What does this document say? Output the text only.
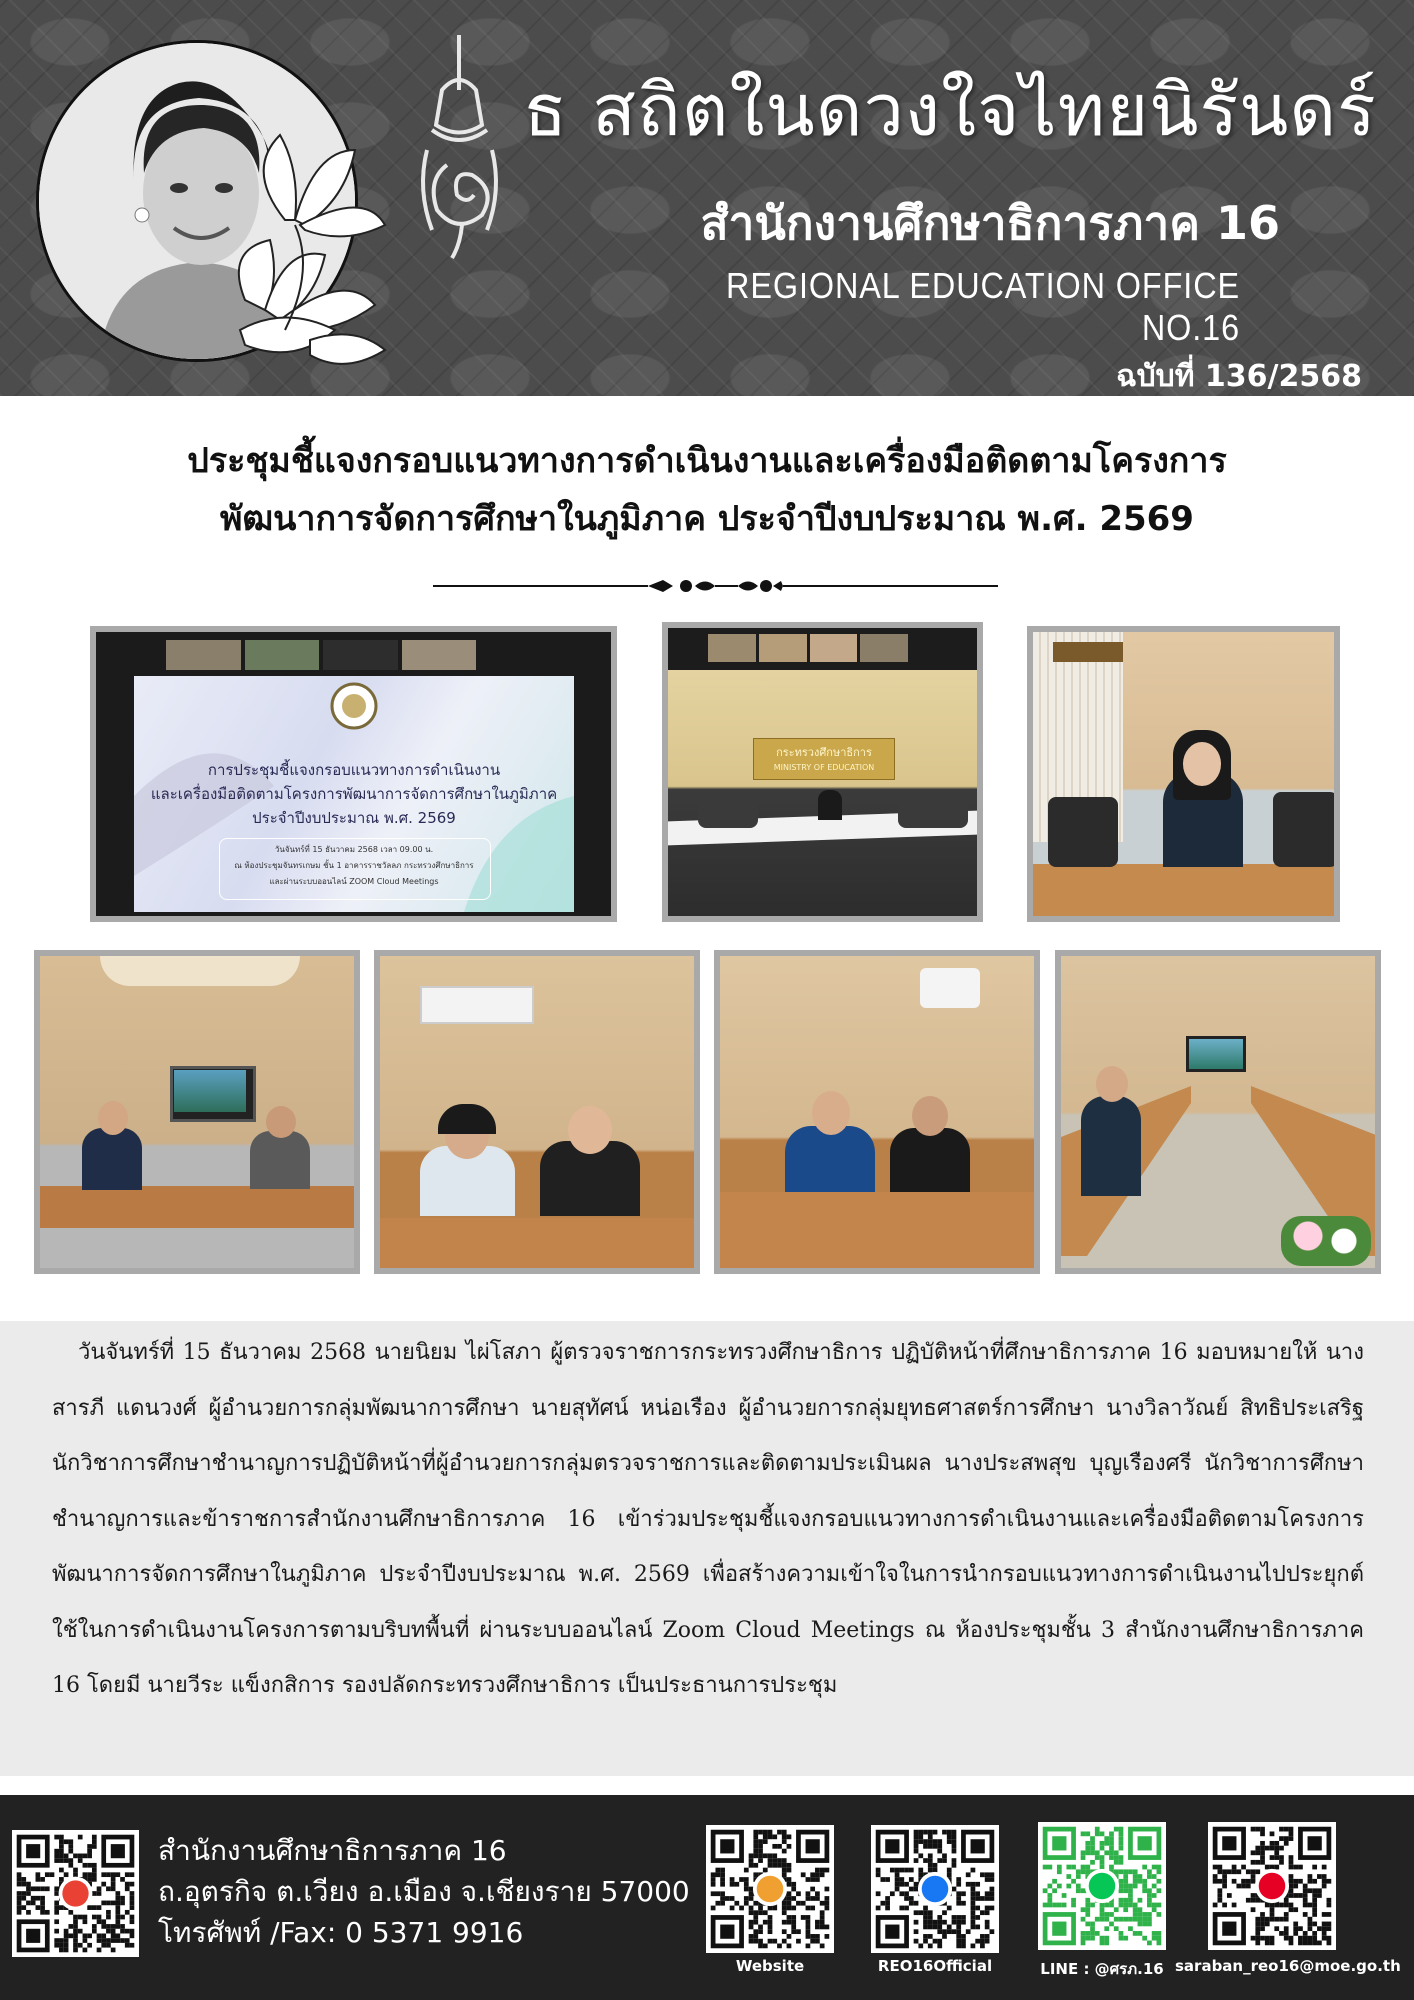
ธ สถิตในดวงใจไทยนิรันดร์
สำนักงานศึกษาธิการภาค 16
REGIONAL EDUCATION OFFICE NO.16
ฉบับที่ 136/2568
ประชุมชี้แจงกรอบแนวทางการดำเนินงานและเครื่องมือติดตามโครงการ
พัฒนาการจัดการศึกษาในภูมิภาค ประจำปีงบประมาณ พ.ศ. 2569
การประชุมชี้แจงกรอบแนวทางการดำเนินงาน
และเครื่องมือติดตามโครงการพัฒนาการจัดการศึกษาในภูมิภาค
ประจำปีงบประมาณ พ.ศ. 2569
วันจันทร์ที่ 15 ธันวาคม 2568 เวลา 09.00 น.
ณ ห้องประชุมจันทรเกษม ชั้น 1 อาคารราชวัลลภ กระทรวงศึกษาธิการ
และผ่านระบบออนไลน์ ZOOM Cloud Meetings
กระทรวงศึกษาธิการ
MINISTRY OF EDUCATION

วันจันทร์ที่ 15 ธันวาคม 2568 นายนิยม ไผ่โสภา ผู้ตรวจราชการกระทรวงศึกษาธิการ ปฏิบัติหน้าที่ศึกษาธิการภาค 16 มอบหมายให้ นางสารภี แดนวงศ์ ผู้อำนวยการกลุ่มพัฒนาการศึกษา นายสุทัศน์ หน่อเรือง ผู้อำนวยการกลุ่มยุทธศาสตร์การศึกษา นางวิลาวัณย์ สิทธิประเสริฐ นักวิชาการศึกษาชำนาญการปฏิบัติหน้าที่ผู้อำนวยการกลุ่มตรวจราชการและติดตามประเมินผล นางประสพสุข บุญเรืองศรี นักวิชาการศึกษาชำนาญการและข้าราชการสำนักงานศึกษาธิการภาค 16 เข้าร่วมประชุมชี้แจงกรอบแนวทางการดำเนินงานและเครื่องมือติดตามโครงการพัฒนาการจัดการศึกษาในภูมิภาค ประจำปีงบประมาณ พ.ศ. 2569 เพื่อสร้างความเข้าใจในการนำกรอบแนวทางการดำเนินงานไปประยุกต์ใช้ในการดำเนินงานโครงการตามบริบทพื้นที่ ผ่านระบบออนไลน์ Zoom Cloud Meetings ณ ห้องประชุมชั้น 3 สำนักงานศึกษาธิการภาค 16 โดยมี นายวีระ แข็งกสิการ รองปลัดกระทรวงศึกษาธิการ เป็นประธานการประชุม

สำนักงานศึกษาธิการภาค 16
ถ.อุตรกิจ ต.เวียง อ.เมือง จ.เชียงราย 57000
โทรศัพท์ /Fax: 0 5371 9916
Website	REO16Official	LINE : @ศรภ.16 saraban_reo16@moe.go.th
